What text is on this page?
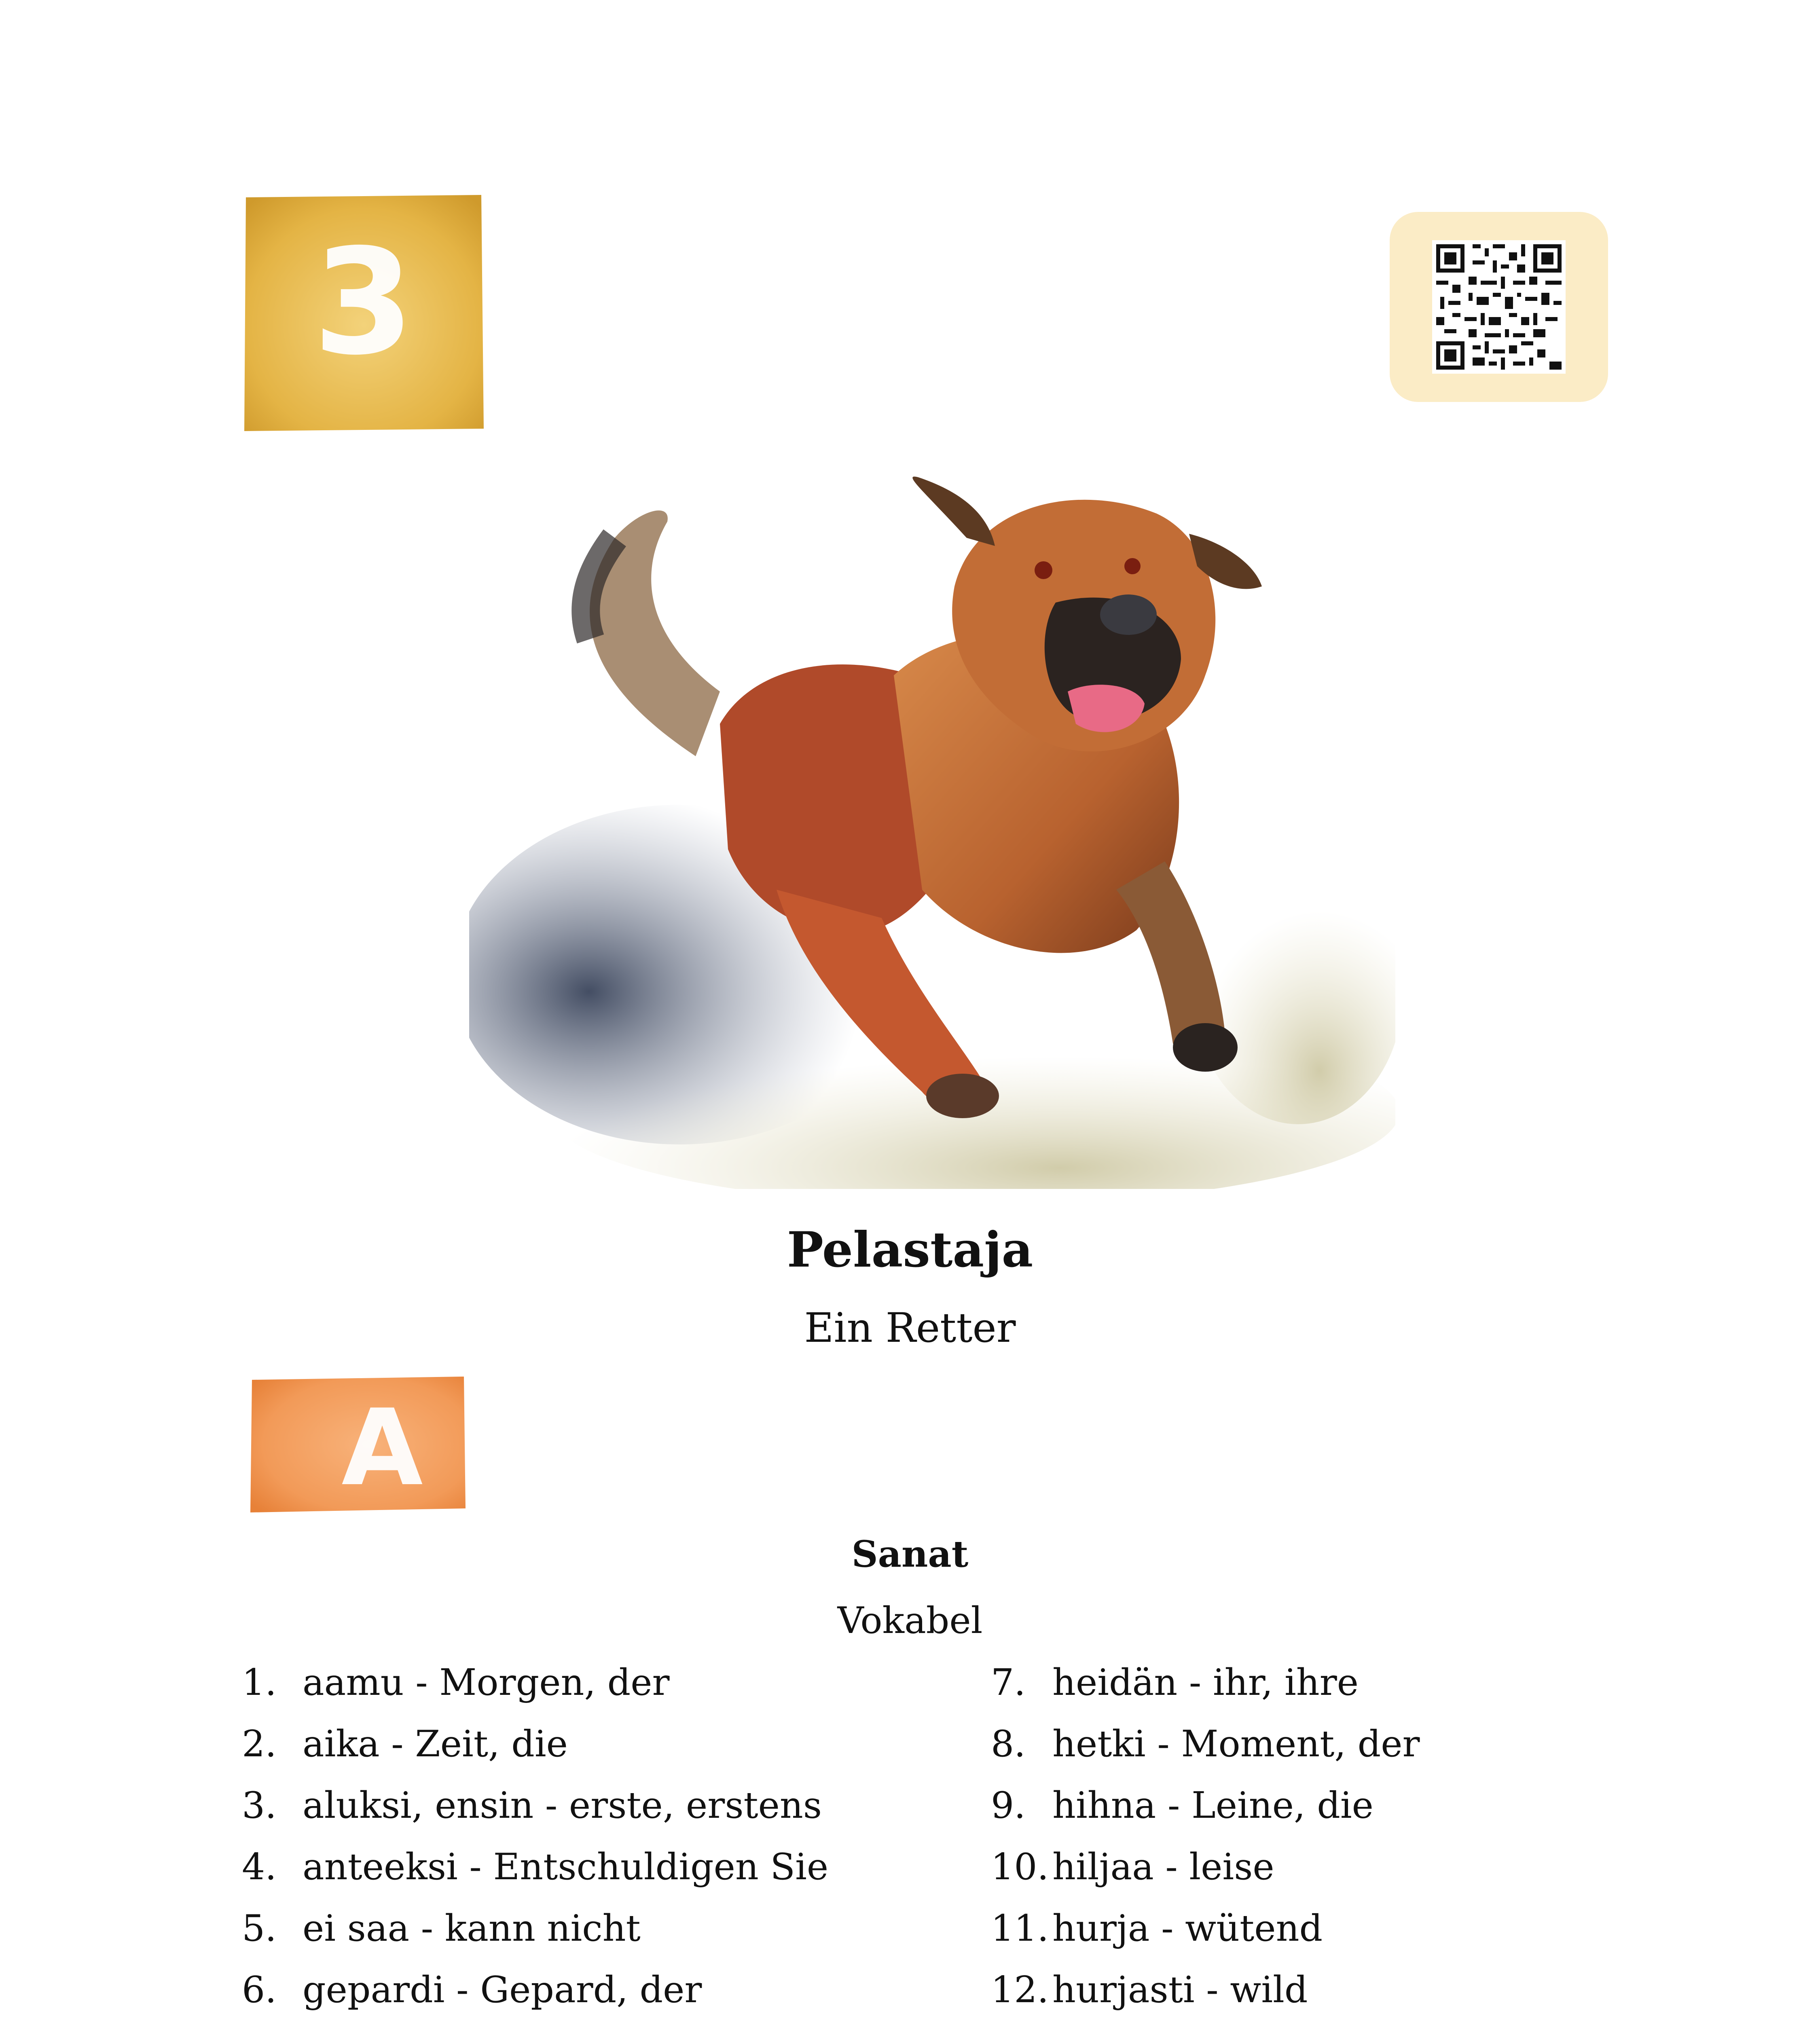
3
Pelastaja
Ein Retter
A
Sanat
Vokabel
1. aamu - Morgen, der
2. aika - Zeit, die
3. aluksi, ensin - erste, erstens
4. anteeksi - Entschuldigen Sie
5. ei saa - kann nicht
6. gepardi - Gepard, der
7. heidän - ihr, ihre
8. hetki - Moment, der
9. hihna - Leine, die
10. hiljaa - leise
11. hurja - wütend
12. hurjasti - wild
